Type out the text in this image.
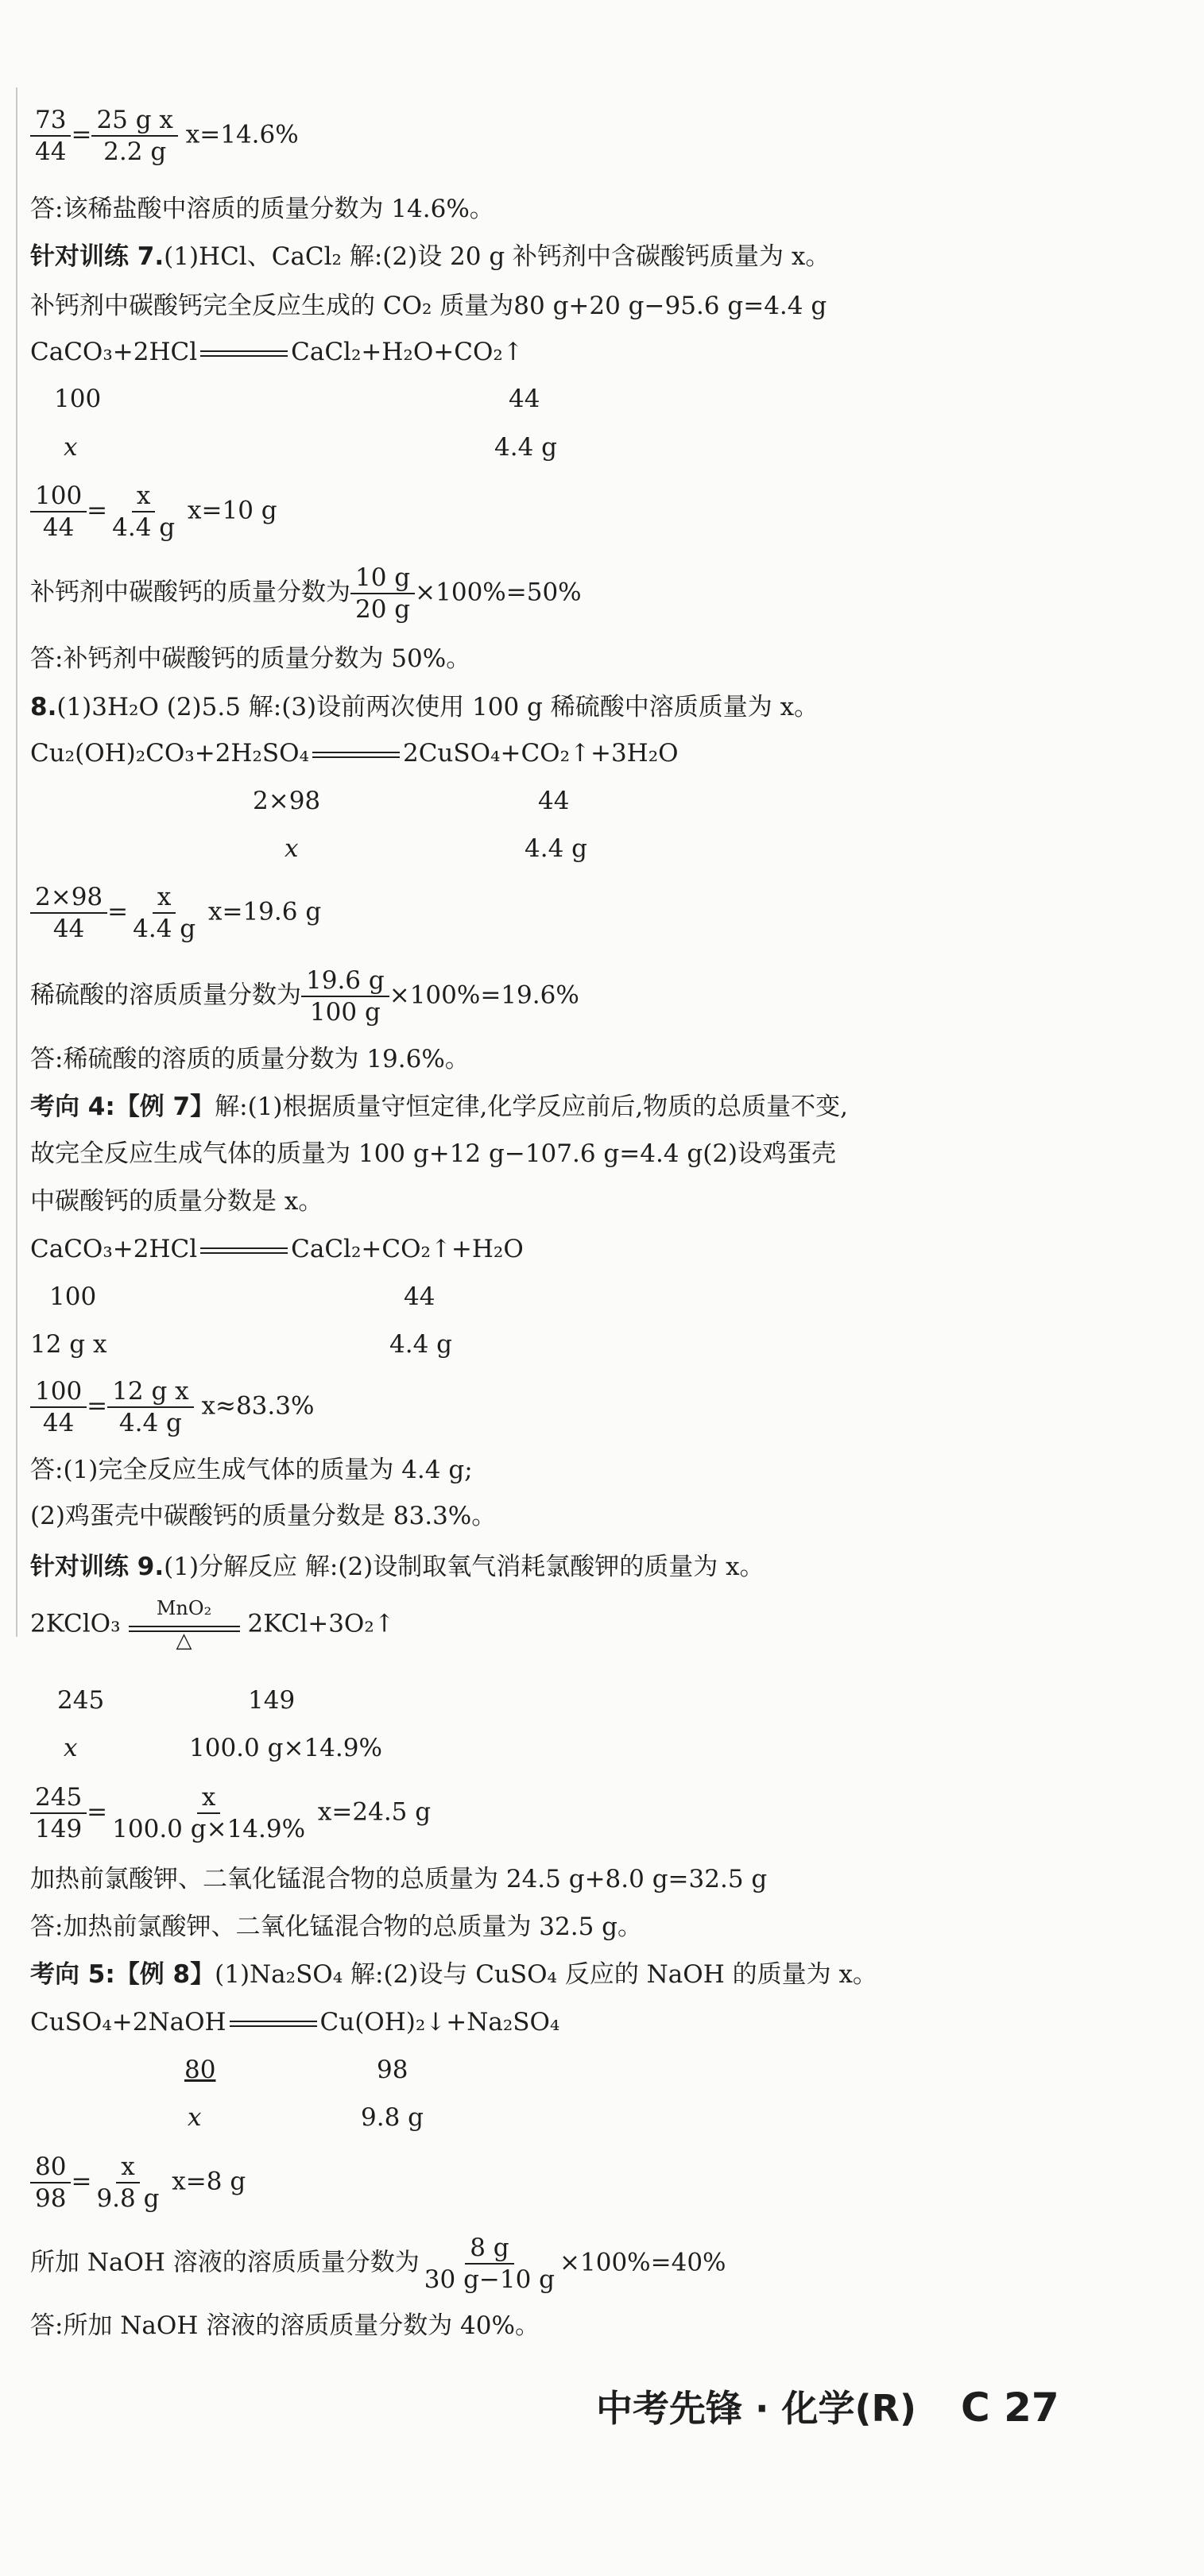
$\frac{73}{44} = \frac{\text{25 g x}}{2.2 g} x=14.6\%$
答:该稀盐酸中溶质的质量分数为 14.6%。
针对训练 7.(1)HCl、CaCl₂ 解:(2)设 20 g 补钙剂中含碳酸钙质量为 x。
补钙剂中碳酸钙完全反应生成的 CO₂ 质量为80 g+20 g−95.6 g=4.4 g
CaCO₃+2HCl	CaCl₂+H₂O+CO₂↑
100	44
x	4.4 g
$\frac{100}{44} = \frac{x}{4.4 g} x=10$ g
补钙剂中碳酸钙的质量分数为 $\frac{10 g}{20 g} \times 100\%=50\%$
答:补钙剂中碳酸钙的质量分数为 50%。
8.(1)3H₂O (2)5.5 解:(3)设前两次使用 100 g 稀硫酸中溶质质量为 x。
Cu₂(OH)₂CO₃+2H₂SO₄	2CuSO₄+CO₂↑+3H₂O
2×98	44
x	4.4 g
$\frac{2\times 98}{44} = \frac{x}{4.4 g} x=19.6$ g
稀硫酸的溶质质量分数为 $\frac{19.6 g}{100 g} \times 100\%=19.6\%$
答:稀硫酸的溶质的质量分数为 19.6%。
考向 4:【例 7】解:(1)根据质量守恒定律,化学反应前后,物质的总质量不变,
故完全反应生成气体的质量为 100 g+12 g−107.6 g=4.4 g(2)设鸡蛋壳
中碳酸钙的质量分数是 x。
CaCO₃+2HCl	CaCl₂+CO₂↑+H₂O
100	44
12 g x	4.4 g
$\frac{100}{44} = \frac{\text{12 g x}}{4.4 g} x\approx 83.3\%$
答:(1)完全反应生成气体的质量为 4.4 g;
(2)鸡蛋壳中碳酸钙的质量分数是 83.3%。
针对训练 9.(1)分解反应 解:(2)设制取氧气消耗氯酸钾的质量为 x。
2KClO₃
MnO₂
△
2KCl+3O₂↑
245	149
x	100.0 g×14.9%
$\frac{245}{149} = \frac{x}{100.0 g\times 14.9\%} x=24.5$ g
加热前氯酸钾、二氧化锰混合物的总质量为 24.5 g+8.0 g=32.5 g
答:加热前氯酸钾、二氧化锰混合物的总质量为 32.5 g。
考向 5:【例 8】(1)Na₂SO₄ 解:(2)设与 CuSO₄ 反应的 NaOH 的质量为 x。
CuSO₄+2NaOH	Cu(OH)₂↓+Na₂SO₄
80	98
x	9.8 g
$\frac{80}{98} = \frac{x}{9.8 g} x=8$ g
所加 NaOH 溶液的溶质质量分数为 $\frac{8 g}{30 g-10 g} \times 100\%=40\%$
答:所加 NaOH 溶液的溶质质量分数为 40%。
中考先锋 · 化学(R) C 27
